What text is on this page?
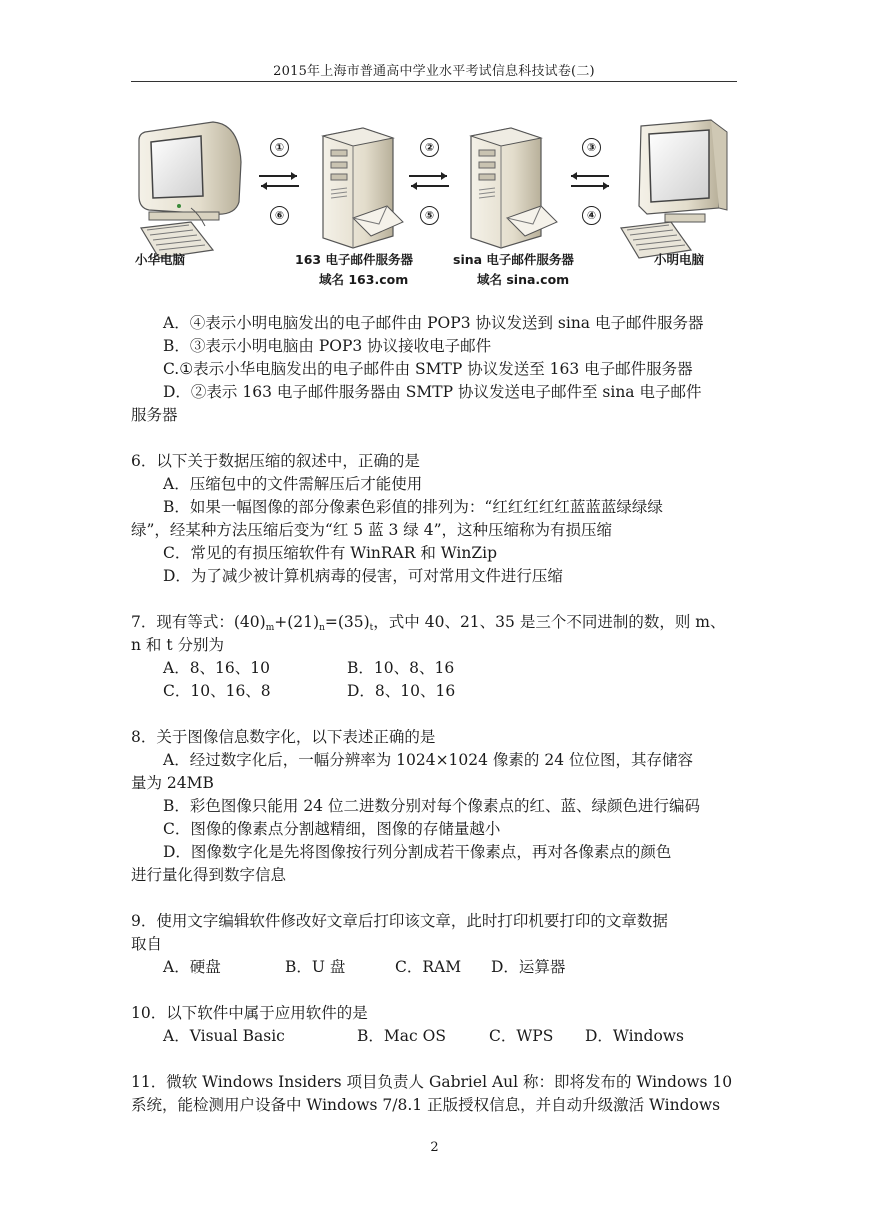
2015年上海市普通高中学业水平考试信息科技试卷(二)
①
⑥
②
⑤
③
④
小华电脑	163 电子邮件服务器
域名 163.com
sina 电子邮件服务器
域名 sina.com
小明电脑
A．④表示小明电脑发出的电子邮件由 POP3 协议发送到 sina 电子邮件服务器
B．③表示小明电脑由 POP3 协议接收电子邮件
C.①表示小华电脑发出的电子邮件由 SMTP 协议发送至 163 电子邮件服务器
D．②表示 163 电子邮件服务器由 SMTP 协议发送电子邮件至 sina 电子邮件
服务器
6．以下关于数据压缩的叙述中，正确的是
A．压缩包中的文件需解压后才能使用
B．如果一幅图像的部分像素色彩值的排列为：“红红红红红蓝蓝蓝绿绿绿
绿”，经某种方法压缩后变为“红 5 蓝 3 绿 4”，这种压缩称为有损压缩
C．常见的有损压缩软件有 WinRAR 和 WinZip
D．为了减少被计算机病毒的侵害，可对常用文件进行压缩
7．现有等式：$(40)_m+(21)_n=(35)_t$，式中 40、21、35 是三个不同进制的数，则 m、
n 和 t 分别为
A．8、16、10	B．10、8、16
C．10、16、8	D．8、10、16
8．关于图像信息数字化，以下表述正确的是
A．经过数字化后，一幅分辨率为 1024×1024 像素的 24 位位图，其存储容
量为 24MB
B．彩色图像只能用 24 位二进数分别对每个像素点的红、蓝、绿颜色进行编码
C．图像的像素点分割越精细，图像的存储量越小
D．图像数字化是先将图像按行列分割成若干像素点，再对各像素点的颜色
进行量化得到数字信息
9．使用文字编辑软件修改好文章后打印该文章，此时打印机要打印的文章数据
取自
A．硬盘	B．U 盘	C．RAM	D．运算器
10．以下软件中属于应用软件的是
A．Visual Basic	B．Mac OS	C．WPS	D．Windows
11．微软 Windows Insiders 项目负责人 Gabriel Aul 称：即将发布的 Windows 10
系统，能检测用户设备中 Windows 7/8.1 正版授权信息，并自动升级激活 Windows
2
